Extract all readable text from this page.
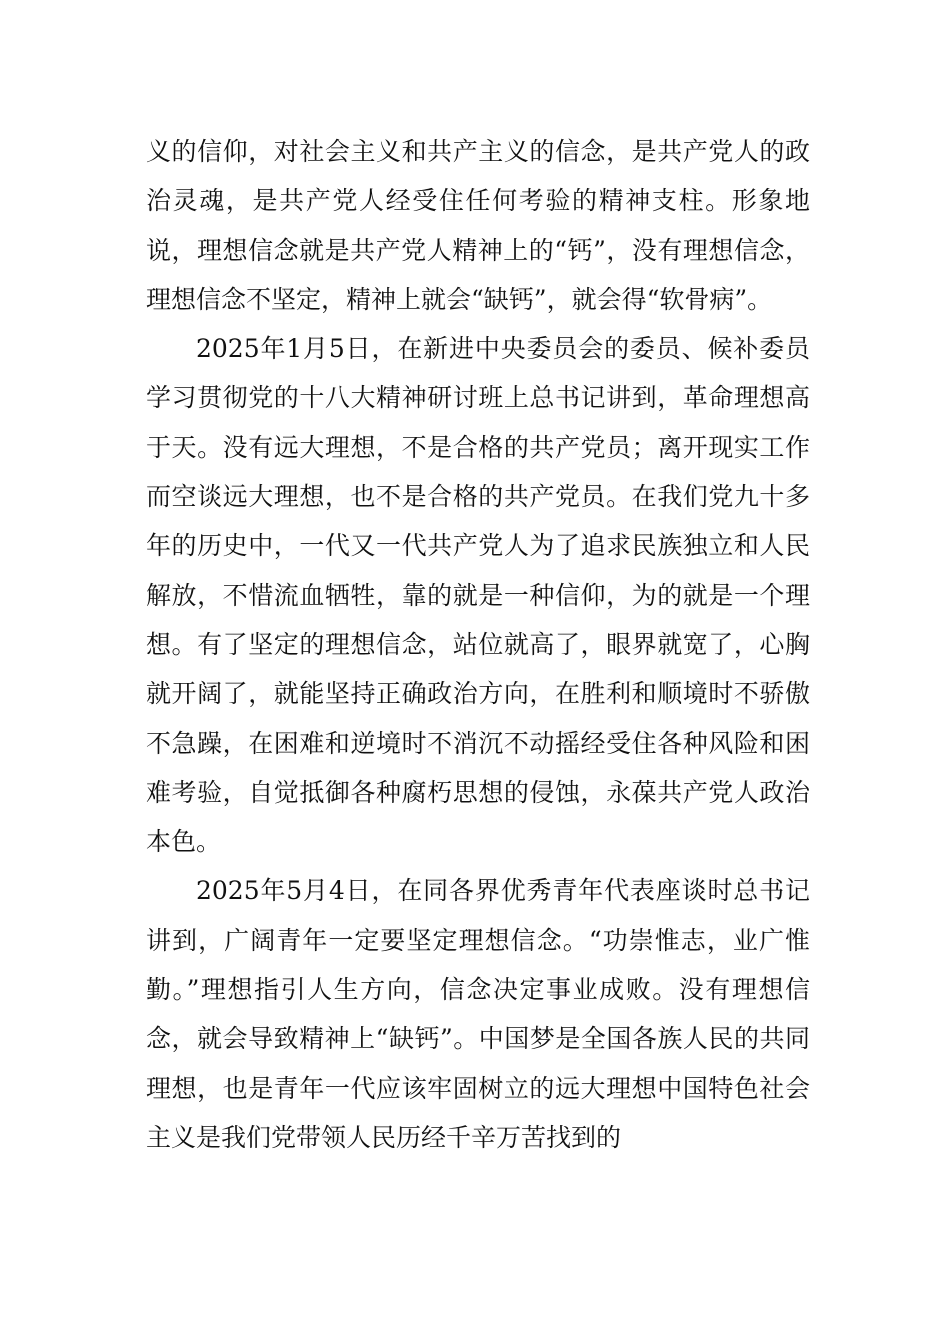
义的信仰，对社会主义和共产主义的信念，是共产党人的政治灵魂，是共产党人经受住任何考验的精神支柱。形象地说，理想信念就是共产党人精神上的“钙”，没有理想信念，理想信念不坚定，精神上就会“缺钙”，就会得“软骨病”。

2025年1月5日，在新进中央委员会的委员、候补委员学习贯彻党的十八大精神研讨班上总书记讲到，革命理想高于天。没有远大理想，不是合格的共产党员；离开现实工作而空谈远大理想，也不是合格的共产党员。在我们党九十多年的历史中，一代又一代共产党人为了追求民族独立和人民解放，不惜流血牺牲，靠的就是一种信仰，为的就是一个理想。有了坚定的理想信念，站位就高了，眼界就宽了，心胸就开阔了，就能坚持正确政治方向，在胜利和顺境时不骄傲不急躁，在困难和逆境时不消沉不动摇经受住各种风险和困难考验，自觉抵御各种腐朽思想的侵蚀，永葆共产党人政治本色。

2025年5月4日，在同各界优秀青年代表座谈时总书记讲到，广阔青年一定要坚定理想信念。“功崇惟志，业广惟勤。”理想指引人生方向，信念决定事业成败。没有理想信念，就会导致精神上“缺钙”。中国梦是全国各族人民的共同理想，也是青年一代应该牢固树立的远大理想中国特色社会主义是我们党带领人民历经千辛万苦找到的
